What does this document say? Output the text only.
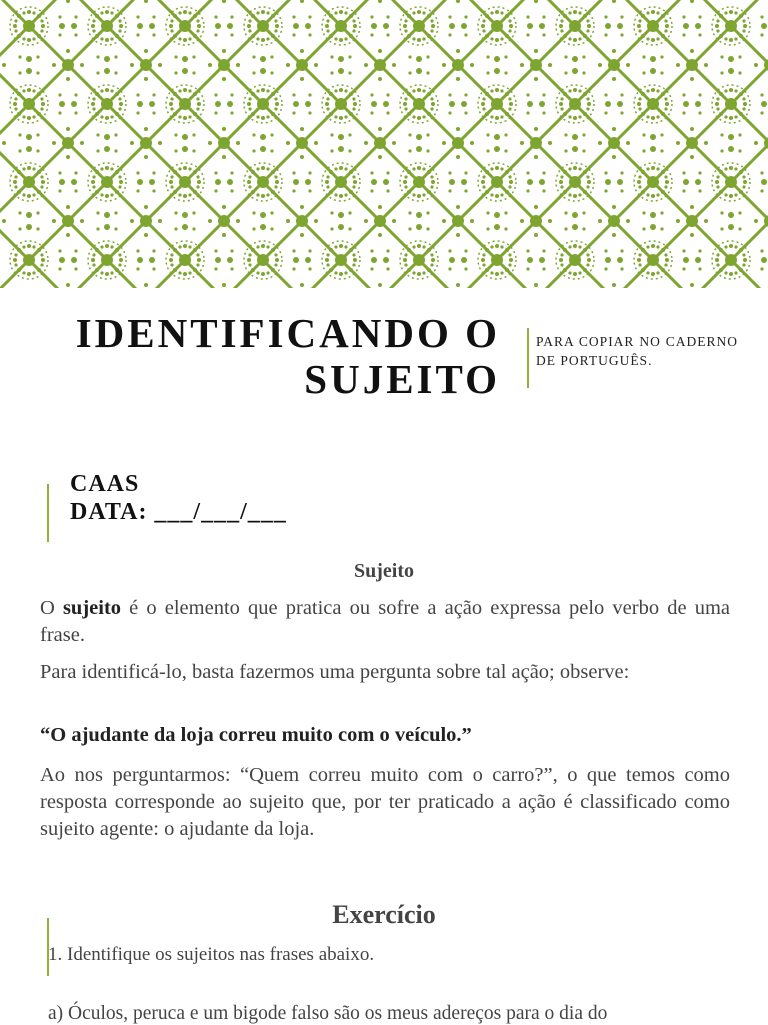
IDENTIFICANDO O
SUJEITO
PARA COPIAR NO CADERNO DE PORTUGUÊS.
CAAS
DATA: ___/___/___
Sujeito
O sujeito é o elemento que pratica ou sofre a ação expressa pelo verbo de uma frase.
Para identificá-lo, basta fazermos uma pergunta sobre tal ação; observe:
“O ajudante da loja correu muito com o veículo.”
Ao nos perguntarmos: “Quem correu muito com o carro?”, o que temos como resposta corresponde ao sujeito que, por ter praticado a ação é classificado como sujeito agente: o ajudante da loja.
Exercício
1. Identifique os sujeitos nas frases abaixo.
a) Óculos, peruca e um bigode falso são os meus adereços para o dia do
